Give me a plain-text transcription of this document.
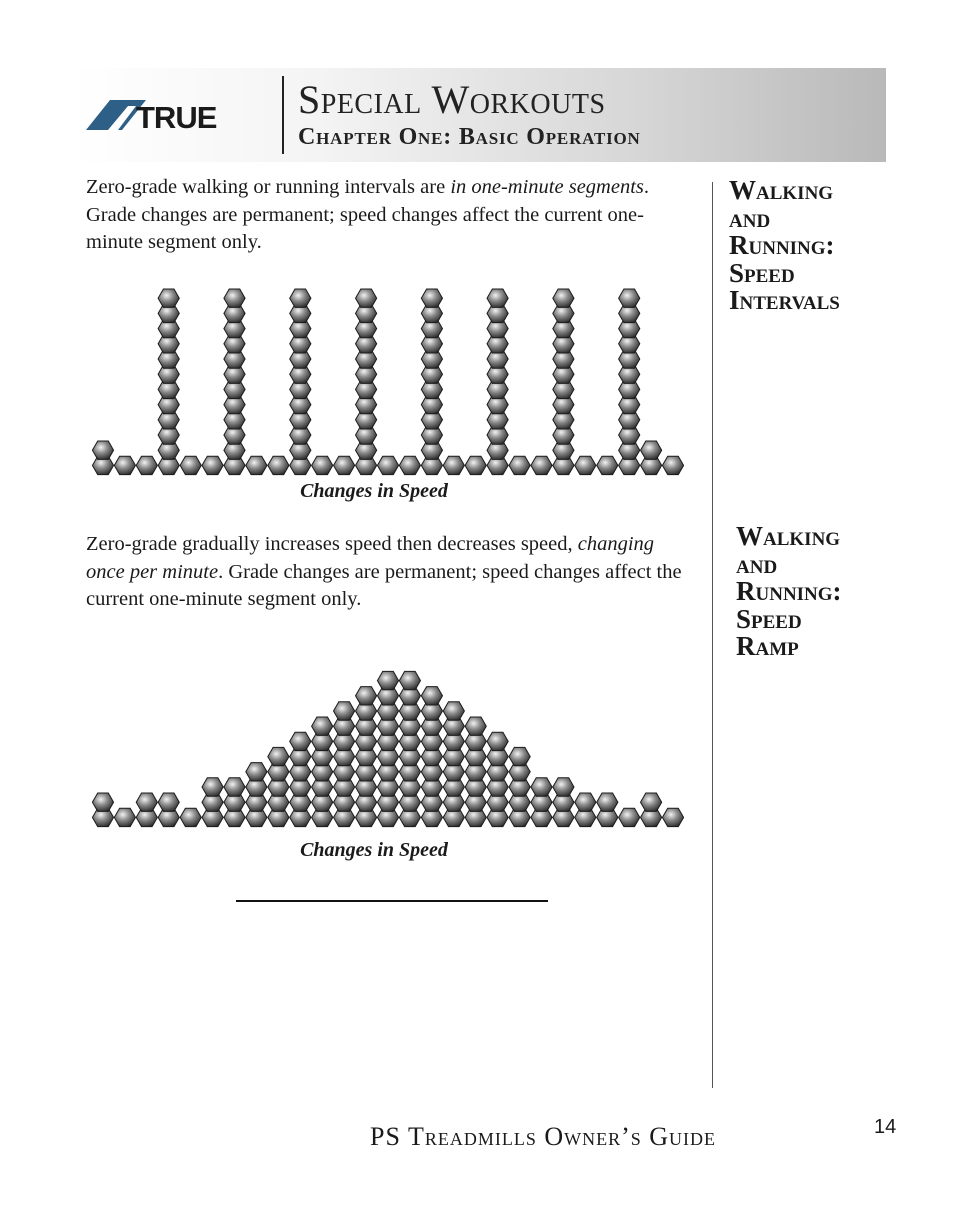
TRUE Special Workouts
Chapter One: Basic Operation

Zero-grade walking or running intervals are in one-minute segments. Grade changes are permanent; speed changes affect the current one-minute segment only.

Changes in Speed

Zero-grade gradually increases speed then decreases speed, changing once per minute. Grade changes are permanent; speed changes affect the current one-minute segment only.

Changes in Speed

Walking
and
Running:
Speed
Intervals
Walking
and
Running:
Speed
Ramp

PS Treadmills Owner’s Guide	14
